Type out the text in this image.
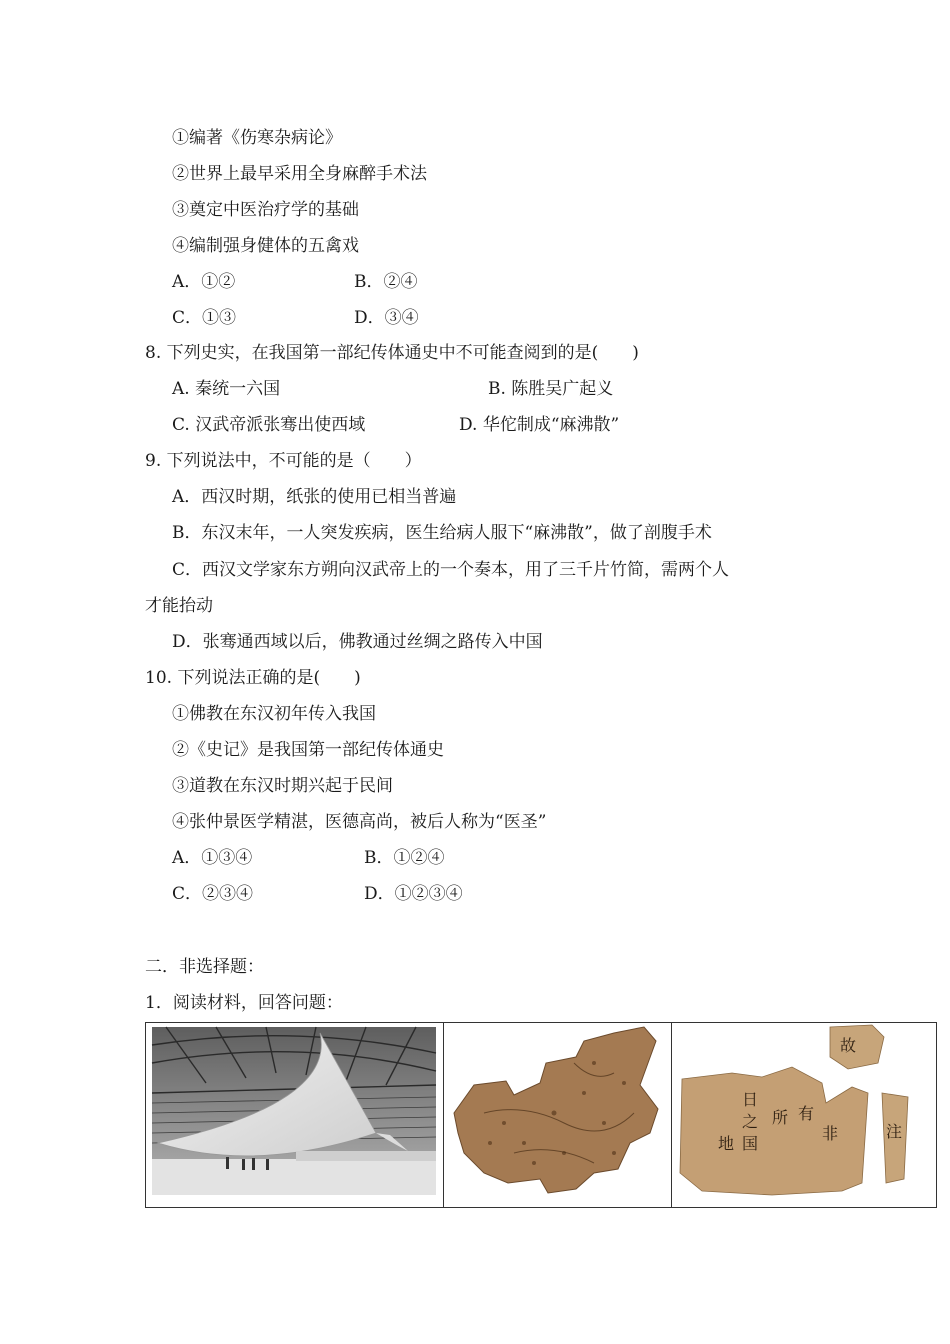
①编著《伤寒杂病论》
②世界上最早采用全身麻醉手术法
③奠定中医治疗学的基础
④编制强身健体的五禽戏
A．①②	B．②④
C．①③	D．③④
8. 下列史实，在我国第一部纪传体通史中不可能查阅到的是(　　)
A. 秦统一六国	B. 陈胜吴广起义
C. 汉武帝派张骞出使西域	D. 华佗制成“麻沸散”
9. 下列说法中，不可能的是（　　）
A．西汉时期，纸张的使用已相当普遍
B．东汉末年，一人突发疾病，医生给病人服下“麻沸散”，做了剖腹手术
C．西汉文学家东方朔向汉武帝上的一个奏本，用了三千片竹简，需两个人
才能抬动
D．张骞通西域以后，佛教通过丝绸之路传入中国
10. 下列说法正确的是(　　)
①佛教在东汉初年传入我国
②《史记》是我国第一部纪传体通史
③道教在东汉时期兴起于民间
④张仲景医学精湛，医德高尚，被后人称为“医圣”
A．①③④	B．①②④
C．②③④	D．①②③④
二．非选择题：
1．阅读材料，回答问题：
故
日
之
地 国
所 有
非	注
